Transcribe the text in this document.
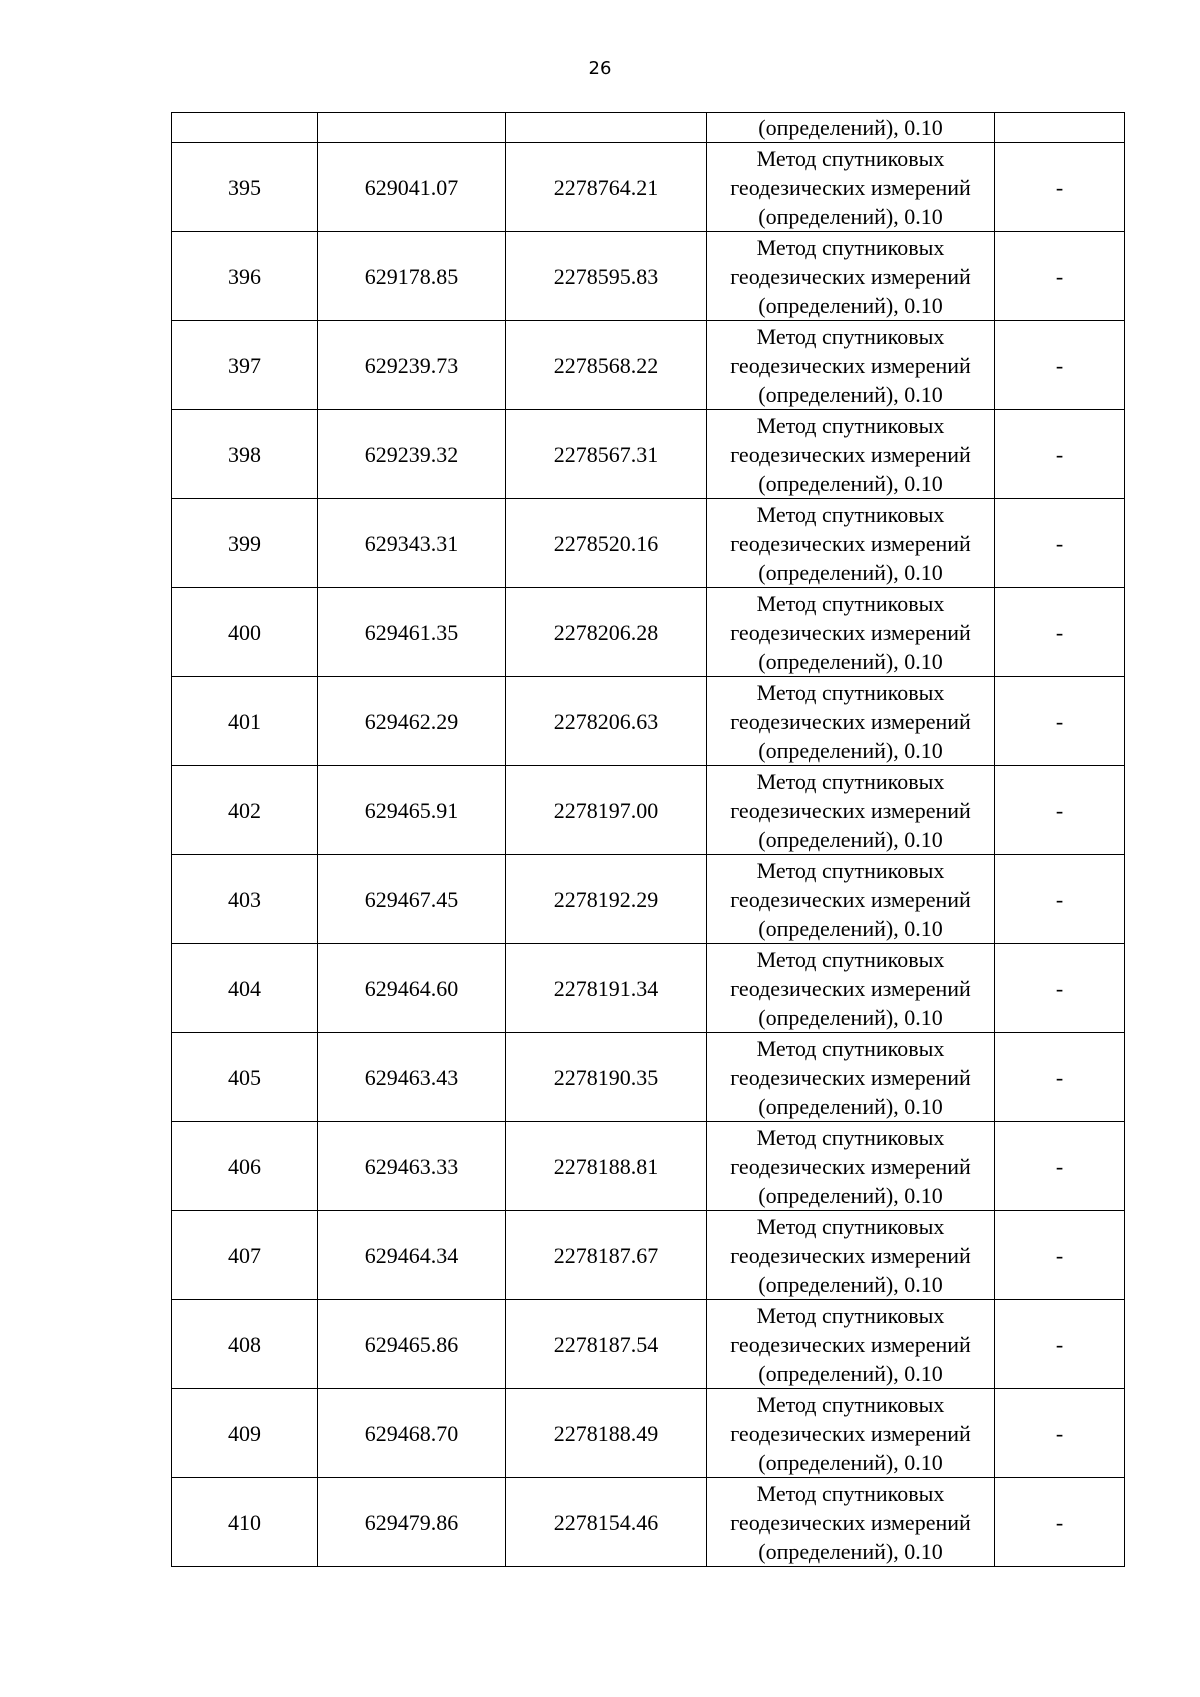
26
			(определений), 0.10	
395	629041.07	2278764.21	Метод спутниковых
геодезических измерений
(определений), 0.10	-
396	629178.85	2278595.83	Метод спутниковых
геодезических измерений
(определений), 0.10	-
397	629239.73	2278568.22	Метод спутниковых
геодезических измерений
(определений), 0.10	-
398	629239.32	2278567.31	Метод спутниковых
геодезических измерений
(определений), 0.10	-
399	629343.31	2278520.16	Метод спутниковых
геодезических измерений
(определений), 0.10	-
400	629461.35	2278206.28	Метод спутниковых
геодезических измерений
(определений), 0.10	-
401	629462.29	2278206.63	Метод спутниковых
геодезических измерений
(определений), 0.10	-
402	629465.91	2278197.00	Метод спутниковых
геодезических измерений
(определений), 0.10	-
403	629467.45	2278192.29	Метод спутниковых
геодезических измерений
(определений), 0.10	-
404	629464.60	2278191.34	Метод спутниковых
геодезических измерений
(определений), 0.10	-
405	629463.43	2278190.35	Метод спутниковых
геодезических измерений
(определений), 0.10	-
406	629463.33	2278188.81	Метод спутниковых
геодезических измерений
(определений), 0.10	-
407	629464.34	2278187.67	Метод спутниковых
геодезических измерений
(определений), 0.10	-
408	629465.86	2278187.54	Метод спутниковых
геодезических измерений
(определений), 0.10	-
409	629468.70	2278188.49	Метод спутниковых
геодезических измерений
(определений), 0.10	-
410	629479.86	2278154.46	Метод спутниковых
геодезических измерений
(определений), 0.10	-
